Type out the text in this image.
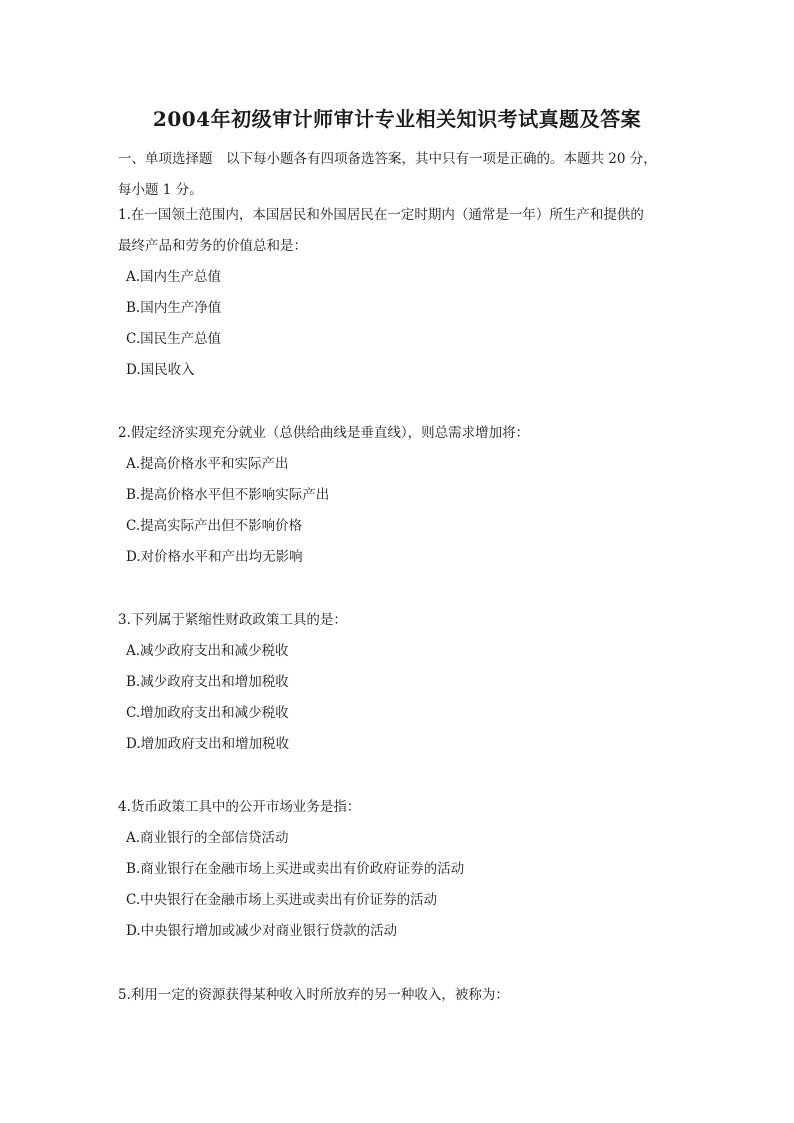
2004年初级审计师审计专业相关知识考试真题及答案
一、单项选择题　以下每小题各有四项备选答案，其中只有一项是正确的。本题共 20 分，
每小题 1 分。

1.在一国领土范围内，本国居民和外国居民在一定时期内（通常是一年）所生产和提供的

最终产品和劳务的价值总和是：

A.国内生产总值

B.国内生产净值

C.国民生产总值

D.国民收入

2.假定经济实现充分就业（总供给曲线是垂直线），则总需求增加将：

A.提高价格水平和实际产出

B.提高价格水平但不影响实际产出

C.提高实际产出但不影响价格

D.对价格水平和产出均无影响

3.下列属于紧缩性财政政策工具的是：

A.减少政府支出和减少税收

B.减少政府支出和增加税收

C.增加政府支出和减少税收

D.增加政府支出和增加税收

4.货币政策工具中的公开市场业务是指：

A.商业银行的全部信贷活动

B.商业银行在金融市场上买进或卖出有价政府证券的活动

C.中央银行在金融市场上买进或卖出有价证券的活动

D.中央银行增加或减少对商业银行贷款的活动

5.利用一定的资源获得某种收入时所放弃的另一种收入，被称为：
